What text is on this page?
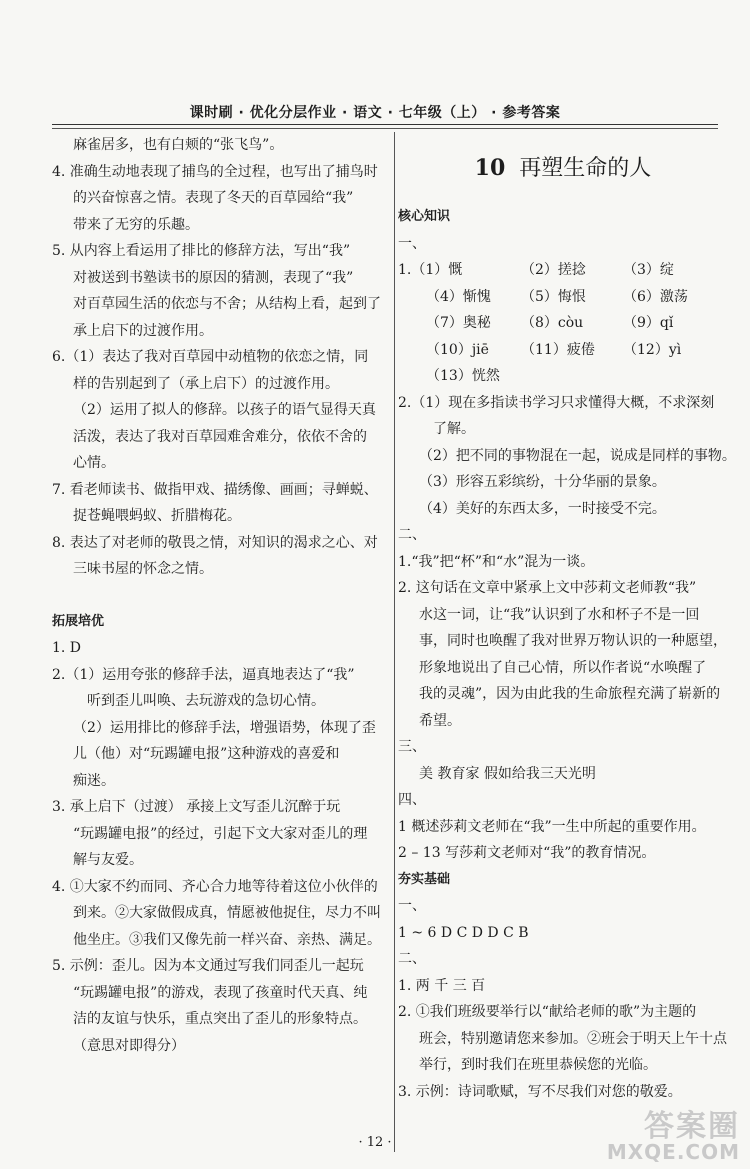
课时刷 · 优化分层作业 · 语文 · 七年级（上） · 参考答案
麻雀居多，也有白颊的“张飞鸟”。
4. 准确生动地表现了捕鸟的全过程，也写出了捕鸟时
的兴奋惊喜之情。表现了冬天的百草园给“我”
带来了无穷的乐趣。
5. 从内容上看运用了排比的修辞方法，写出“我”
对被送到书塾读书的原因的猜测，表现了“我”
对百草园生活的依恋与不舍；从结构上看，起到了
承上启下的过渡作用。
6.（1）表达了我对百草园中动植物的依恋之情，同
样的告别起到了（承上启下）的过渡作用。
（2）运用了拟人的修辞。以孩子的语气显得天真
活泼，表达了我对百草园难舍难分，依依不舍的
心情。
7. 看老师读书、做指甲戏、描绣像、画画；寻蝉蜕、
捉苍蝇喂蚂蚁、折腊梅花。
8. 表达了对老师的敬畏之情，对知识的渴求之心、对
三味书屋的怀念之情。
拓展培优
1. D
2.（1）运用夸张的修辞手法，逼真地表达了“我”
听到歪儿叫唤、去玩游戏的急切心情。
（2）运用排比的修辞手法，增强语势，体现了歪
儿（他）对“玩踢罐电报”这种游戏的喜爱和
痴迷。
3. 承上启下（过渡） 承接上文写歪儿沉醉于玩
“玩踢罐电报”的经过，引起下文大家对歪儿的理
解与友爱。
4. ①大家不约而同、齐心合力地等待着这位小伙伴的
到来。②大家做假成真，情愿被他捉住，尽力不叫
他坐庄。③我们又像先前一样兴奋、亲热、满足。
5. 示例：歪儿。因为本文通过写我们同歪儿一起玩
“玩踢罐电报”的游戏，表现了孩童时代天真、纯
洁的友谊与快乐，重点突出了歪儿的形象特点。
（意思对即得分）
10 再塑生命的人
核心知识
一、
1.（1）慨	（2）搓捻	（3）绽
（4）惭愧	（5）悔恨	（6）激荡
（7）奥秘	（8）còu	（9）qǐ
（10）jiē	（11）疲倦	（12）yì
（13）恍然
2.（1）现在多指读书学习只求懂得大概，不求深刻
了解。
（2）把不同的事物混在一起，说成是同样的事物。
（3）形容五彩缤纷，十分华丽的景象。
（4）美好的东西太多，一时接受不完。
二、
1.“我”把“杯”和“水”混为一谈。
2. 这句话在文章中紧承上文中莎莉文老师教“我”
水这一词，让“我”认识到了水和杯子不是一回
事，同时也唤醒了我对世界万物认识的一种愿望，
形象地说出了自己心情，所以作者说“水唤醒了
我的灵魂”，因为由此我的生命旅程充满了崭新的
希望。
三、
美 教育家 假如给我三天光明
四、
1 概述莎莉文老师在“我”一生中所起的重要作用。
2 – 13 写莎莉文老师对“我”的教育情况。
夯实基础
一、
1 ~ 6 D C D D C B
二、
1. 两 千 三 百
2. ①我们班级要举行以“献给老师的歌”为主题的
班会，特别邀请您来参加。②班会于明天上午十点
举行，到时我们在班里恭候您的光临。
3. 示例：诗词歌赋，写不尽我们对您的敬爱。
· 12 ·	答案圈
MXQE.COM
